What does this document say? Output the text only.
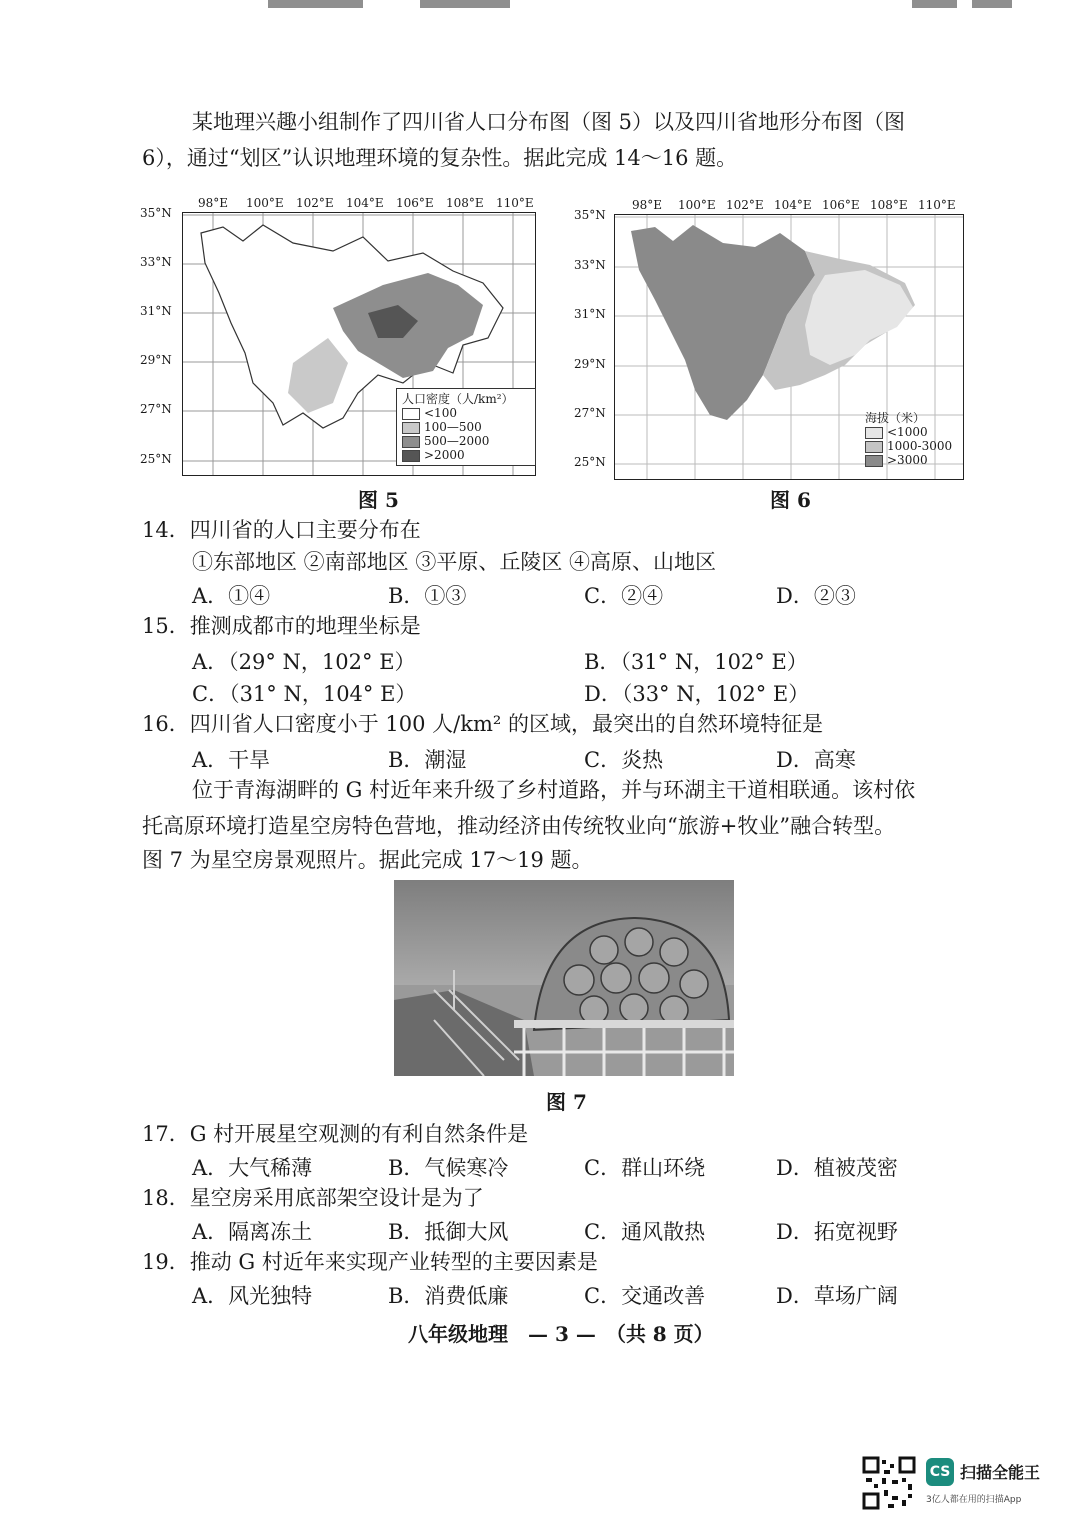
某地理兴趣小组制作了四川省人口分布图（图 5）以及四川省地形分布图（图
6），通过“划区”认识地理环境的复杂性。据此完成 14～16 题。
98°E 100°E 102°E 104°E 106°E 108°E 110°E
35°N
33°N
31°N
29°N
27°N
25°N
人口密度（人/km²）
<100
100—500
500—2000
>2000
图 5
98°E 100°E 102°E 104°E 106°E 108°E 110°E
35°N
33°N
31°N
29°N
27°N
25°N
海拔（米）
<1000
1000-3000
>3000
图 6
14．四川省的人口主要分布在
①东部地区 ②南部地区 ③平原、丘陵区 ④高原、山地区
A．①④	B．①③	C．②④	D．②③
15．推测成都市的地理坐标是
A．（29° N，102° E）	B．（31° N，102° E）
C．（31° N，104° E）	D．（33° N，102° E）
16．四川省人口密度小于 100 人/km² 的区域，最突出的自然环境特征是
A．干旱	B．潮湿	C．炎热	D．高寒
位于青海湖畔的 G 村近年来升级了乡村道路，并与环湖主干道相联通。该村依
托高原环境打造星空房特色营地，推动经济由传统牧业向“旅游+牧业”融合转型。
图 7 为星空房景观照片。据此完成 17～19 题。
图 7
17．G 村开展星空观测的有利自然条件是
A．大气稀薄	B．气候寒冷	C．群山环绕	D．植被茂密
18．星空房采用底部架空设计是为了
A．隔离冻土	B．抵御大风	C．通风散热	D．拓宽视野
19．推动 G 村近年来实现产业转型的主要因素是
A．风光独特	B．消费低廉	C．交通改善	D．草场广阔
八年级地理　— 3 —　（共 8 页）
CS 扫描全能王
3亿人都在用的扫描App
